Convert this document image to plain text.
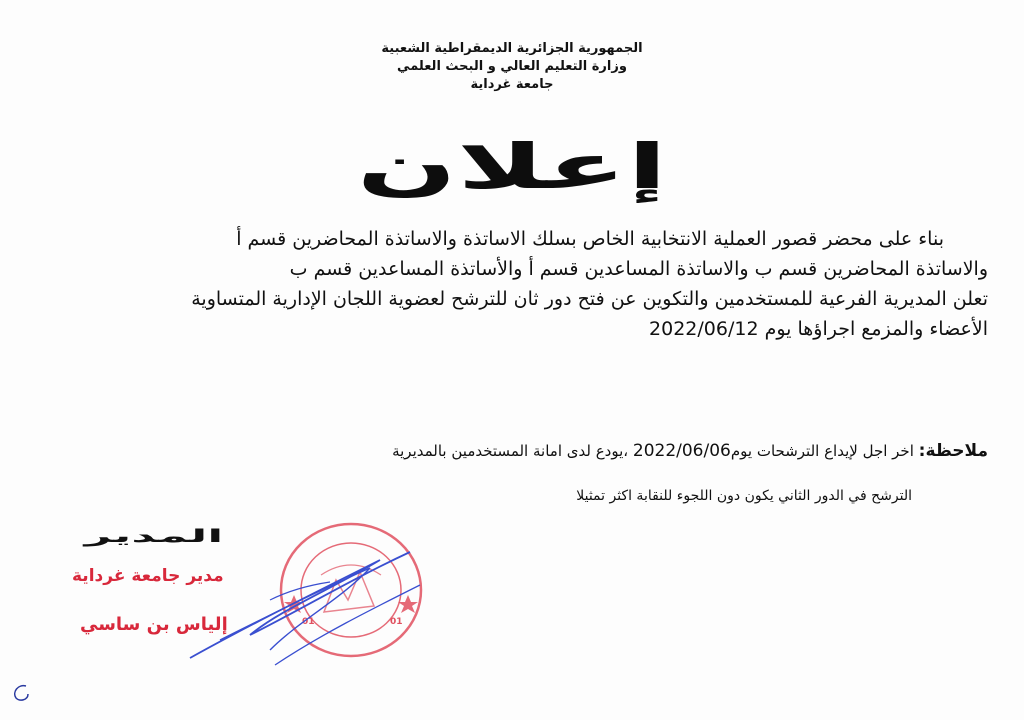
الجمهورية الجزائرية الديمقراطية الشعبية
وزارة التعليم العالي و البحث العلمي
جامعة غرداية
إعلان

بناء على محضر قصور العملية الانتخابية الخاص بسلك الاساتذة والاساتذة المحاضرين قسم أ

والاساتذة المحاضرين قسم ب والاساتذة المساعدين قسم أ والأساتذة المساعدين قسم ب

تعلن المديرية الفرعية للمستخدمين والتكوين عن فتح دور ثان للترشح لعضوية اللجان الإدارية المتساوية

الأعضاء والمزمع اجراؤها يوم 2022/06/12

ملاحظة: اخر اجل لإيداع الترشحات يوم2022/06/06 ،يودع لدى امانة المستخدمين بالمديرية
الترشح في الدور الثاني يكون دون اللجوء للنقابة اكثر تمثيلا
المدير
مدير جامعة غرداية
إلياس بن ساسي	01	01
